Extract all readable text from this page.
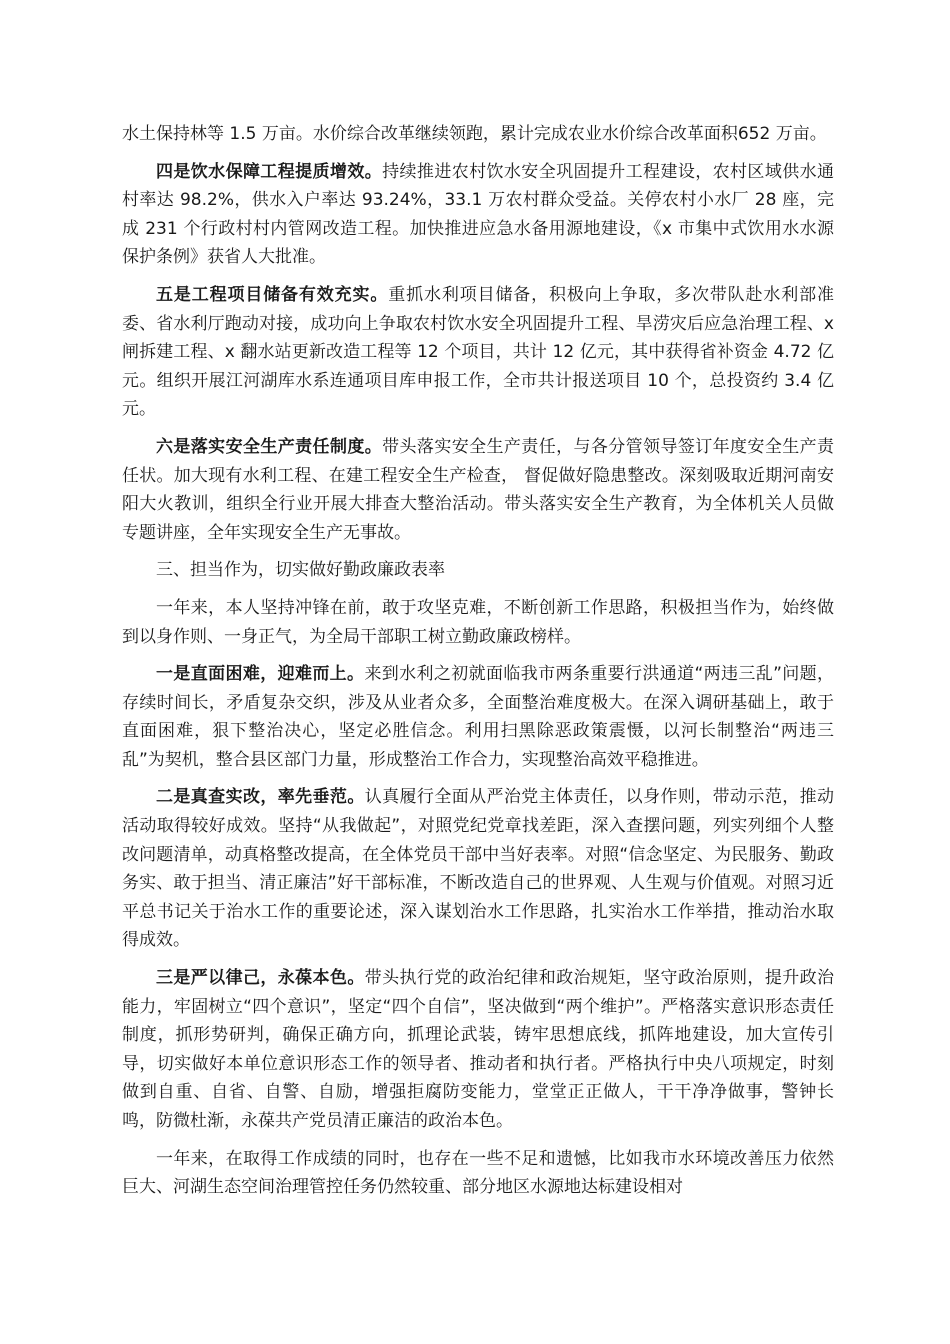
水土保持林等 1.5 万亩。水价综合改革继续领跑，累计完成农业水价综合改革面积652 万亩。

四是饮水保障工程提质增效。持续推进农村饮水安全巩固提升工程建设，农村区域供水通村率达 98.2%，供水入户率达 93.24%，33.1 万农村群众受益。关停农村小水厂 28 座，完成 231 个行政村村内管网改造工程。加快推进应急水备用源地建设，《x 市集中式饮用水水源保护条例》获省人大批准。

五是工程项目储备有效充实。重抓水利项目储备，积极向上争取，多次带队赴水利部准委、省水利厅跑动对接，成功向上争取农村饮水安全巩固提升工程、旱涝灾后应急治理工程、x 闸拆建工程、x 翻水站更新改造工程等 12 个项目，共计 12 亿元，其中获得省补资金 4.72 亿元。组织开展江河湖库水系连通项目库申报工作，全市共计报送项目 10 个，总投资约 3.4 亿元。

六是落实安全生产责任制度。带头落实安全生产责任，与各分管领导签订年度安全生产责任状。加大现有水利工程、在建工程安全生产检查， 督促做好隐患整改。深刻吸取近期河南安阳大火教训，组织全行业开展大排查大整治活动。带头落实安全生产教育，为全体机关人员做专题讲座，全年实现安全生产无事故。

三、担当作为，切实做好勤政廉政表率

一年来，本人坚持冲锋在前，敢于攻坚克难，不断创新工作思路，积极担当作为，始终做到以身作则、一身正气，为全局干部职工树立勤政廉政榜样。

一是直面困难，迎难而上。来到水利之初就面临我市两条重要行洪通道“两违三乱”问题，存续时间长，矛盾复杂交织，涉及从业者众多，全面整治难度极大。在深入调研基础上，敢于直面困难，狠下整治决心，坚定必胜信念。利用扫黑除恶政策震慑，以河长制整治“两违三乱”为契机，整合县区部门力量，形成整治工作合力，实现整治高效平稳推进。

二是真查实改，率先垂范。认真履行全面从严治党主体责任，以身作则，带动示范，推动活动取得较好成效。坚持“从我做起”，对照党纪党章找差距，深入查摆问题，列实列细个人整改问题清单，动真格整改提高，在全体党员干部中当好表率。对照“信念坚定、为民服务、勤政务实、敢于担当、清正廉洁”好干部标准，不断改造自己的世界观、人生观与价值观。对照习近平总书记关于治水工作的重要论述，深入谋划治水工作思路，扎实治水工作举措，推动治水取得成效。

三是严以律己，永葆本色。带头执行党的政治纪律和政治规矩，坚守政治原则，提升政治能力，牢固树立“四个意识”，坚定“四个自信”，坚决做到“两个维护”。严格落实意识形态责任制度，抓形势研判，确保正确方向，抓理论武装，铸牢思想底线，抓阵地建设，加大宣传引导，切实做好本单位意识形态工作的领导者、推动者和执行者。严格执行中央八项规定，时刻做到自重、自省、自警、自励，增强拒腐防变能力，堂堂正正做人，干干净净做事，警钟长鸣，防微杜渐，永葆共产党员清正廉洁的政治本色。

一年来，在取得工作成绩的同时，也存在一些不足和遗憾，比如我市水环境改善压力依然巨大、河湖生态空间治理管控任务仍然较重、部分地区水源地达标建设相对
